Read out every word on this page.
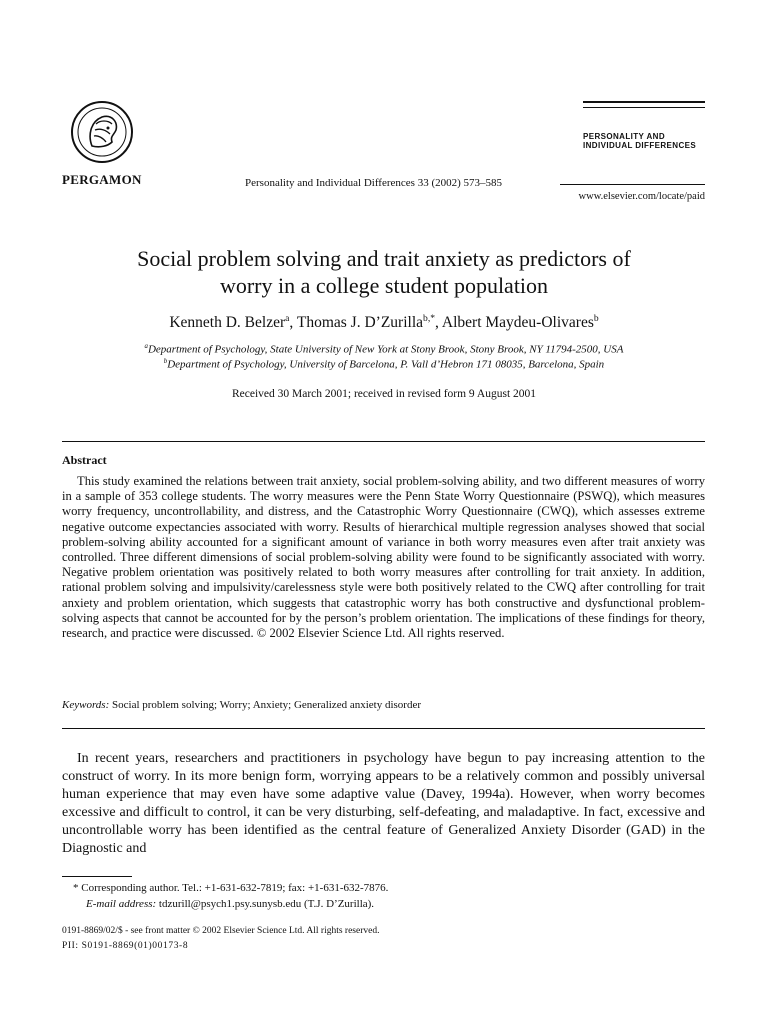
PERGAMON	Personality and Individual Differences 33 (2002) 573–585
PERSONALITY AND
INDIVIDUAL DIFFERENCES
www.elsevier.com/locate/paid
Social problem solving and trait anxiety as predictors of
worry in a college student population
Kenneth D. Belzer$^a$, Thomas J. D’Zurilla$^{b,*}$, Albert Maydeu-Olivares$^b$
$^a$Department of Psychology, State University of New York at Stony Brook, Stony Brook, NY 11794-2500, USA
$^b$Department of Psychology, University of Barcelona, P. Vall d’Hebron 171 08035, Barcelona, Spain
Received 30 March 2001; received in revised form 9 August 2001
Abstract
This study examined the relations between trait anxiety, social problem-solving ability, and two different measures of worry in a sample of 353 college students. The worry measures were the Penn State Worry Questionnaire (PSWQ), which measures worry frequency, uncontrollability, and distress, and the Catastrophic Worry Questionnaire (CWQ), which assesses extreme negative outcome expectancies associated with worry. Results of hierarchical multiple regression analyses showed that social problem-solving ability accounted for a significant amount of variance in both worry measures even after trait anxiety was controlled. Three different dimensions of social problem-solving ability were found to be significantly associated with worry. Negative problem orientation was positively related to both worry measures after controlling for trait anxiety. In addition, rational problem solving and impulsivity/carelessness style were both positively related to the CWQ after controlling for trait anxiety and problem orientation, which suggests that catastrophic worry has both constructive and dysfunctional problem-solving aspects that cannot be accounted for by the person’s problem orientation. The implications of these findings for theory, research, and practice were discussed. © 2002 Elsevier Science Ltd. All rights reserved.
Keywords: Social problem solving; Worry; Anxiety; Generalized anxiety disorder
In recent years, researchers and practitioners in psychology have begun to pay increasing attention to the construct of worry. In its more benign form, worrying appears to be a relatively common and possibly universal human experience that may even have some adaptive value (Davey, 1994a). However, when worry becomes excessive and difficult to control, it can be very disturbing, self-defeating, and maladaptive. In fact, excessive and uncontrollable worry has been identified as the central feature of Generalized Anxiety Disorder (GAD) in the Diagnostic and
* Corresponding author. Tel.: +1-631-632-7819; fax: +1-631-632-7876.
E-mail address: tdzurill@psych1.psy.sunysb.edu (T.J. D’Zurilla).
0191-8869/02/$ - see front matter © 2002 Elsevier Science Ltd. All rights reserved.
PII: S0191-8869(01)00173-8
